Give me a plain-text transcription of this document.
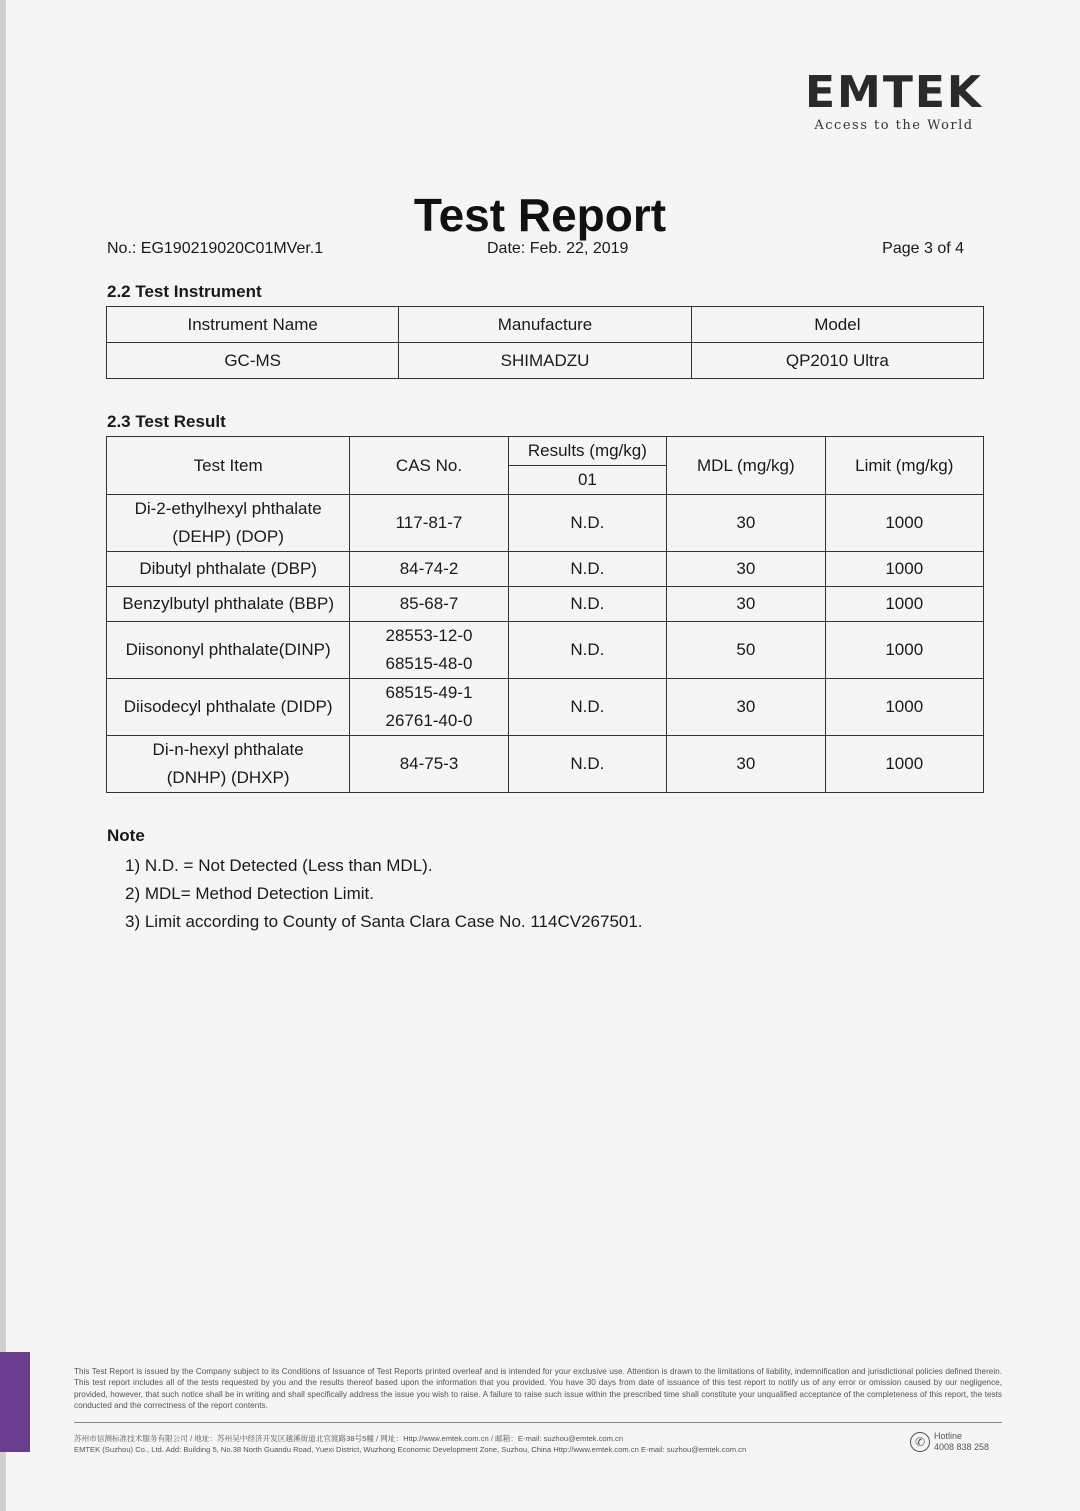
EMTEK
Access to the World
Test Report
No.: EG190219020C01MVer.1	Date: Feb. 22, 2019	Page 3 of 4
2.2 Test Instrument
Instrument Name	Manufacture	Model
GC-MS	SHIMADZU	QP2010 Ultra
2.3 Test Result
Test Item	CAS No.	Results (mg/kg)	MDL (mg/kg)	Limit (mg/kg)
		01		

Di-2-ethylhexyl phthalate
(DEHP) (DOP)	117-81-7	N.D.	30	1000
Dibutyl phthalate (DBP)	84-74-2	N.D.	30	1000
Benzylbutyl phthalate (BBP)	85-68-7	N.D.	30	1000
Diisononyl phthalate(DINP)	28553-12-0
68515-48-0	N.D.	50	1000
Diisodecyl phthalate (DIDP)	68515-49-1
26761-40-0	N.D.	30	1000

Di-n-hexyl phthalate
(DNHP) (DHXP)	84-75-3	N.D.	30	1000
Note
1) N.D. = Not Detected (Less than MDL).
2) MDL= Method Detection Limit.
3) Limit according to County of Santa Clara Case No. 114CV267501.
This Test Report is issued by the Company subject to its Conditions of Issuance of Test Reports printed overleaf and is intended for your exclusive use. Attention is drawn to the limitations of liability, indemnification and jurisdictional policies defined therein. This test report includes all of the tests requested by you and the results thereof based upon the information that you provided. You have 30 days from date of issuance of this test report to notify us of any error or omission caused by our negligence, provided, however, that such notice shall be in writing and shall specifically address the issue you wish to raise. A failure to raise such issue within the prescribed time shall constitute your unqualified acceptance of the completeness of this report, the tests conducted and the correctness of the report contents.
苏州市信测标准技术服务有限公司 / 地址：苏州吴中经济开发区越溪街道北官渡路38号5幢 / 网址：Http://www.emtek.com.cn / 邮箱：E-mail: suzhou@emtek.com.cn
EMTEK (Suzhou) Co., Ltd. Add: Building 5, No.38 North Guandu Road, Yuexi District, Wuzhong Economic Development Zone, Suzhou, China Http://www.emtek.com.cn E-mail: suzhou@emtek.com.cn
✆ Hotline
4008 838 258
